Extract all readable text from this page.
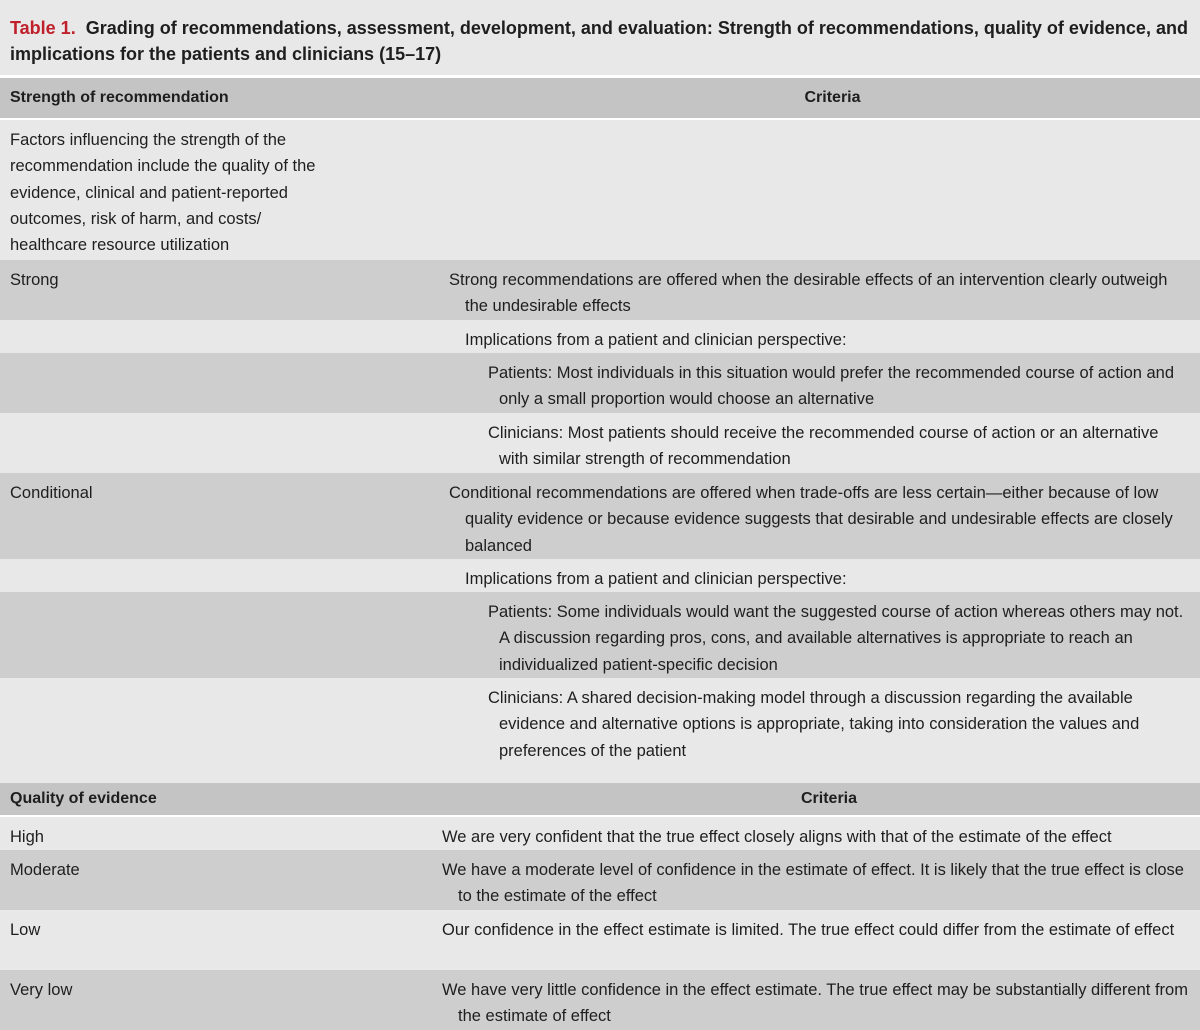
Table 1. Grading of recommendations, assessment, development, and evaluation: Strength of recommendations, quality of evidence, and implications for the patients and clinicians (15–17)
Strength of recommendation	Criteria
Factors influencing the strength of the recommendation include the quality of the evidence, clinical and patient-reported outcomes, risk of harm, and costs/ healthcare resource utilization
Strong	Strong recommendations are offered when the desirable effects of an intervention clearly outweigh the undesirable effects
Implications from a patient and clinician perspective:
Patients: Most individuals in this situation would prefer the recommended course of action and only a small proportion would choose an alternative
Clinicians: Most patients should receive the recommended course of action or an alternative with similar strength of recommendation
Conditional	Conditional recommendations are offered when trade-offs are less certain—either because of low quality evidence or because evidence suggests that desirable and undesirable effects are closely balanced
Implications from a patient and clinician perspective:
Patients: Some individuals would want the suggested course of action whereas others may not. A discussion regarding pros, cons, and available alternatives is appropriate to reach an individualized patient-specific decision
Clinicians: A shared decision-making model through a discussion regarding the available evidence and alternative options is appropriate, taking into consideration the values and preferences of the patient
Quality of evidence	Criteria
High	We are very confident that the true effect closely aligns with that of the estimate of the effect
Moderate	We have a moderate level of confidence in the estimate of effect. It is likely that the true effect is close to the estimate of the effect
Low	Our confidence in the effect estimate is limited. The true effect could differ from the estimate of effect
Very low	We have very little confidence in the effect estimate. The true effect may be substantially different from the estimate of effect
